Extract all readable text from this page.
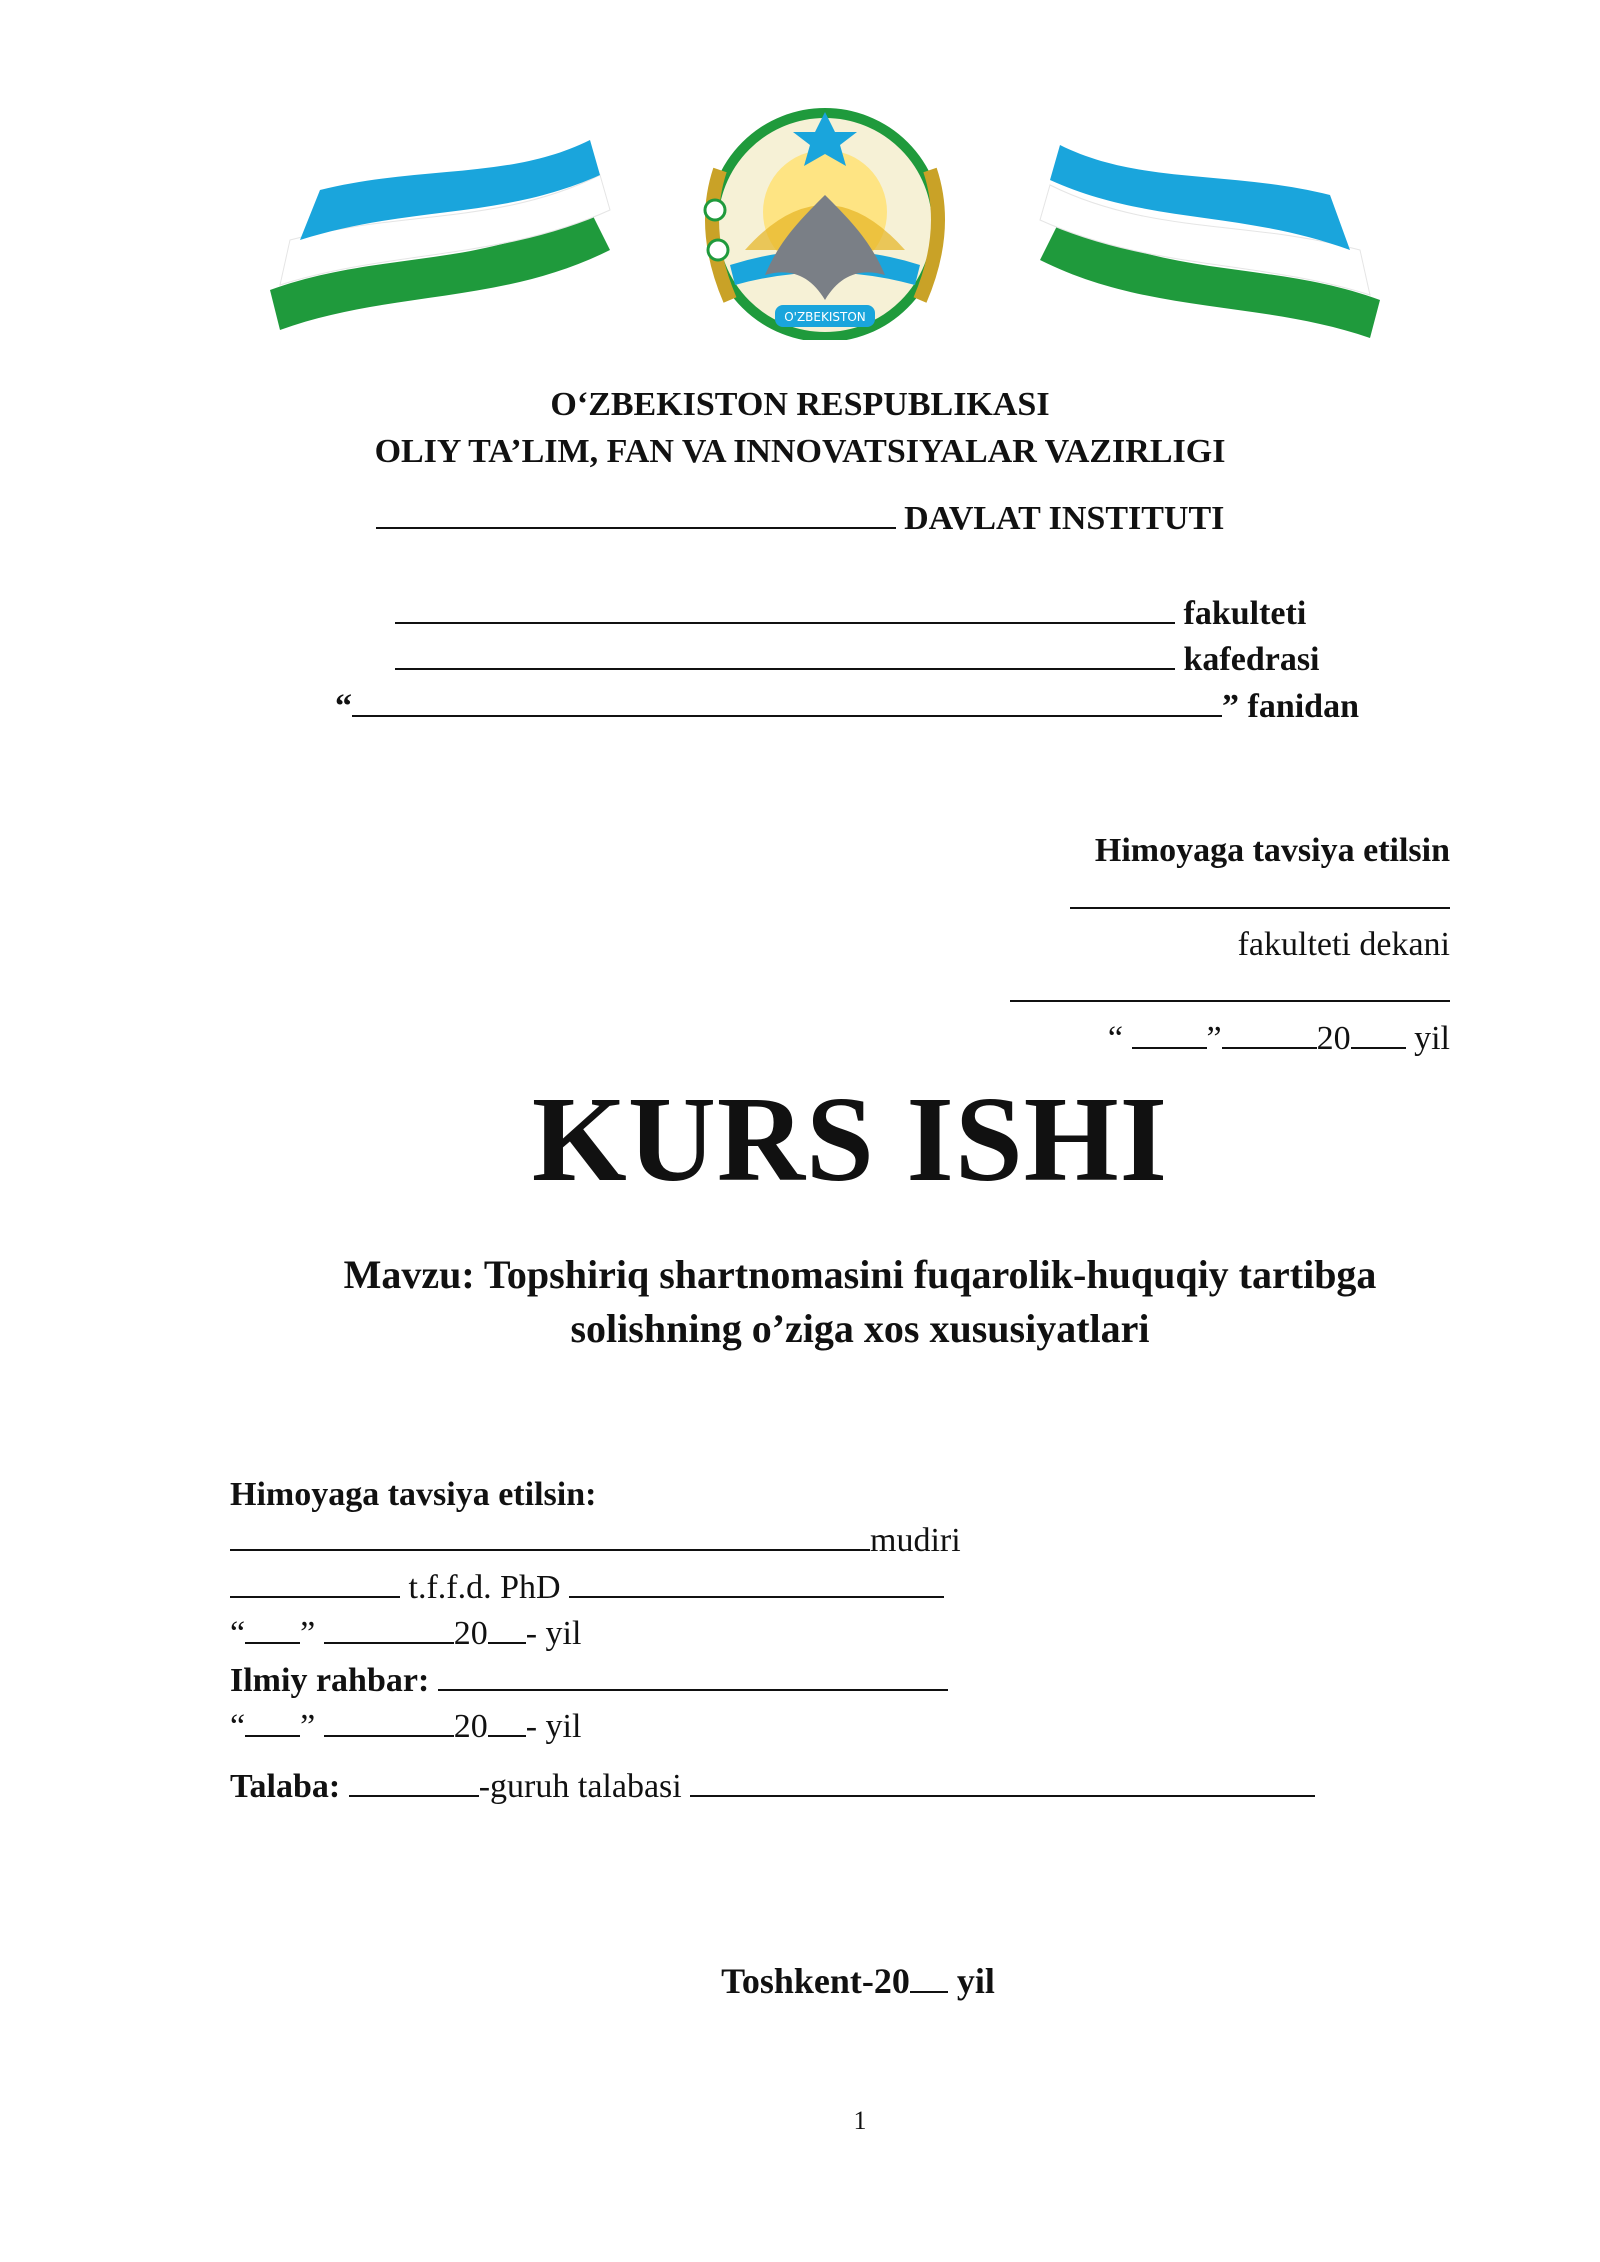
O'ZBEKISTON
O‘ZBEKISTON RESPUBLIKASI
OLIY TA’LIM, FAN VA INNOVATSIYALAR VAZIRLIGI
DAVLAT INSTITUTI
fakulteti
kafedrasi
“	” fanidan
Himoyaga tavsiya etilsin
fakulteti dekani
“ ”	20 yil
KURS ISHI
Mavzu: Topshiriq shartnomasini fuqarolik-huquqiy tartibga
solishning o’ziga xos xususiyatlari
Himoyaga tavsiya etilsin:
mudiri
t.f.f.d. PhD
“ ”	20 - yil
Ilmiy rahbar:
“ ”	20 - yil
Talaba:	-guruh talabasi
Toshkent-20 yil
1
